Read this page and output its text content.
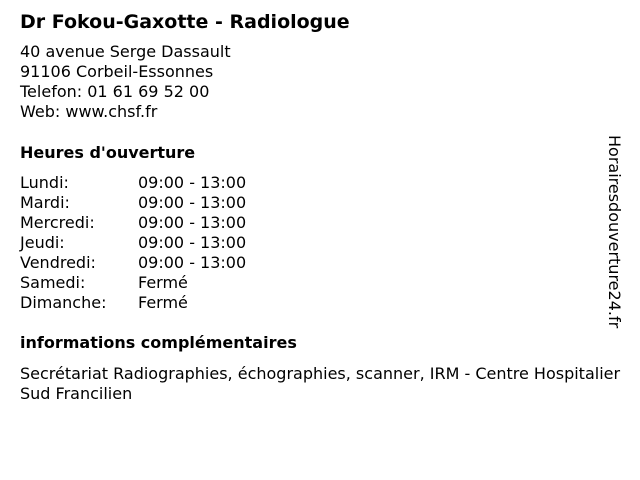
Dr Fokou-Gaxotte - Radiologue
40 avenue Serge Dassault
91106 Corbeil-Essonnes
Telefon: 01 61 69 52 00
Web: www.chsf.fr
Heures d'ouverture
Lundi:	09:00 - 13:00
Mardi:	09:00 - 13:00
Mercredi:	09:00 - 13:00
Jeudi:	09:00 - 13:00
Vendredi:	09:00 - 13:00
Samedi:	Fermé
Dimanche:	Fermé
informations complémentaires
Secrétariat Radiographies, échographies, scanner, IRM - Centre Hospitalier Sud Francilien
Horairesdouverture24.fr
